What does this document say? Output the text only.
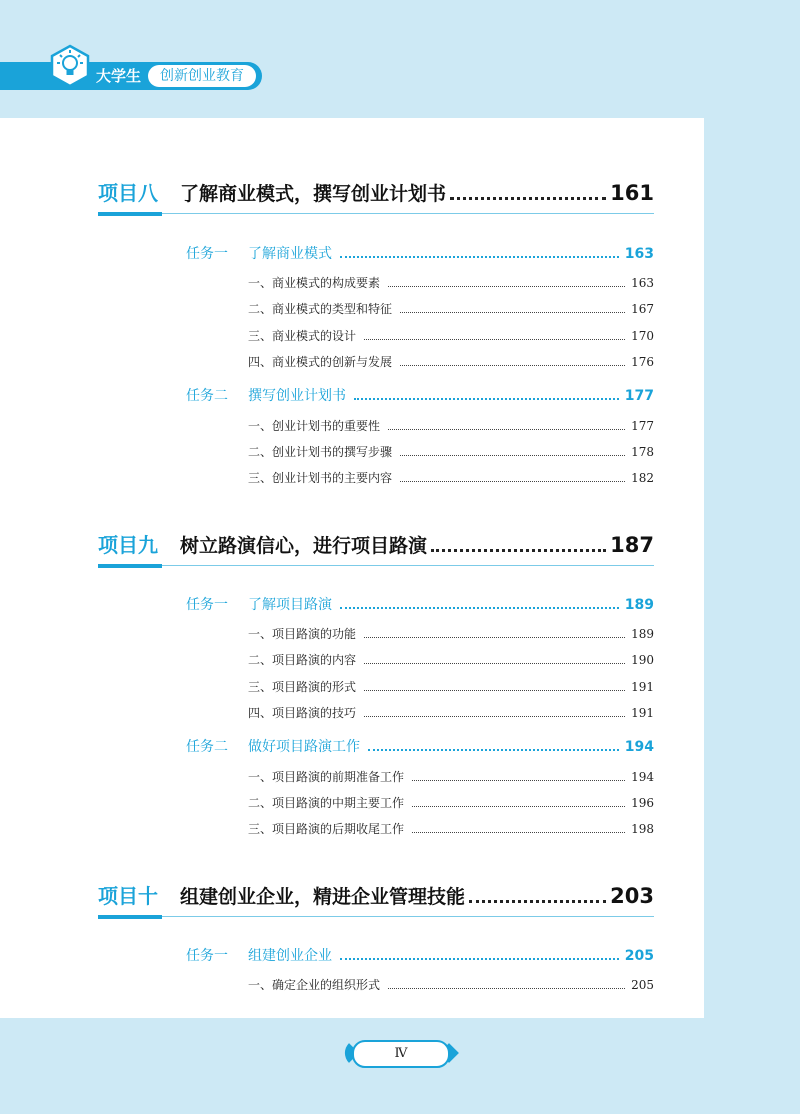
大学生	创新创业教育
项目八 了解商业模式，撰写创业计划书	161
任务一	了解商业模式	163
一、商业模式的构成要素	163
二、商业模式的类型和特征	167
三、商业模式的设计	170
四、商业模式的创新与发展	176
任务二	撰写创业计划书	177
一、创业计划书的重要性	177
二、创业计划书的撰写步骤	178
三、创业计划书的主要内容	182
项目九 树立路演信心，进行项目路演	187
任务一	了解项目路演	189
一、项目路演的功能	189
二、项目路演的内容	190
三、项目路演的形式	191
四、项目路演的技巧	191
任务二	做好项目路演工作	194
一、项目路演的前期准备工作	194
二、项目路演的中期主要工作	196
三、项目路演的后期收尾工作	198
项目十 组建创业企业，精进企业管理技能	203
任务一	组建创业企业	205
一、确定企业的组织形式	205
Ⅳ
